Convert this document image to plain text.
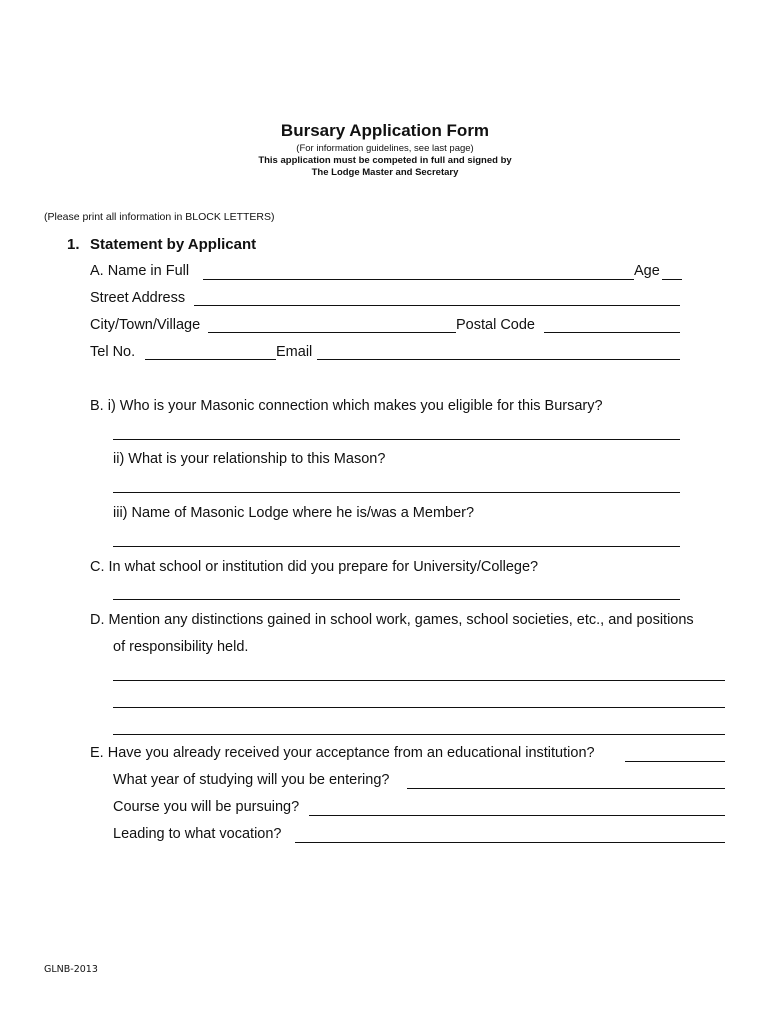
Bursary Application Form
(For information guidelines, see last page)
This application must be competed in full and signed by
The Lodge Master and Secretary
(Please print all information in BLOCK LETTERS)
1. Statement by Applicant
A. Name in Full	Age
Street Address
City/Town/Village	Postal Code
Tel No.	Email
B. i) Who is your Masonic connection which makes you eligible for this Bursary?
ii) What is your relationship to this Mason?
iii) Name of Masonic Lodge where he is/was a Member?
C. In what school or institution did you prepare for University/College?
D. Mention any distinctions gained in school work, games, school societies, etc., and positions
of responsibility held.
E. Have you already received your acceptance from an educational institution?
What year of studying will you be entering?
Course you will be pursuing?
Leading to what vocation?
GLNB-2013
